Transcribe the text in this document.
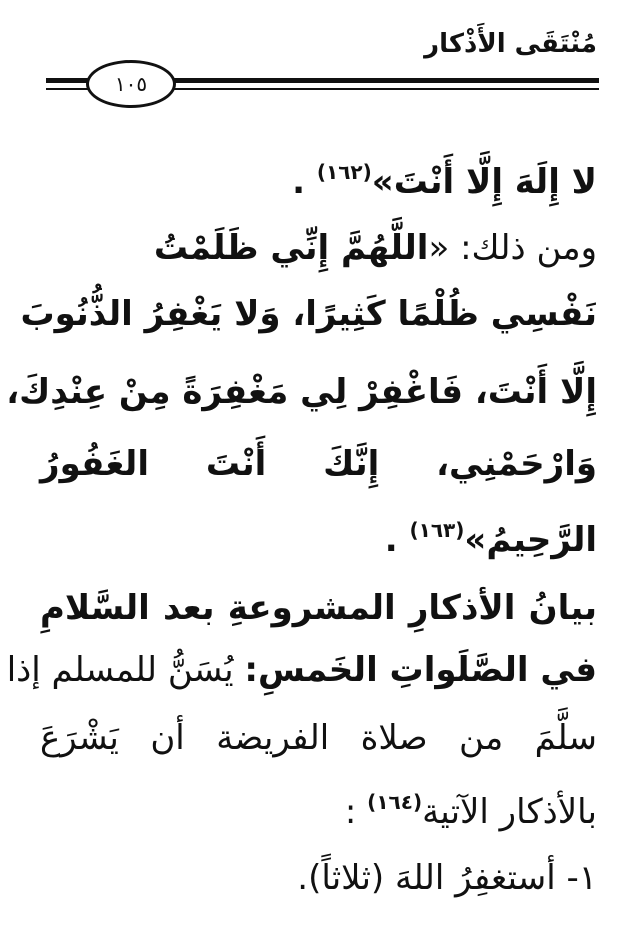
مُنْتَقَى الأَذْكار
١٠٥
لا إِلَهَ إِلَّا أَنْتَ»$^{(١٦٢)}$ .
ومن ذلك: «اللَّهُمَّ إِنِّي ظَلَمْتُ
نَفْسِي ظُلْمًا كَثِيرًا، وَلا يَغْفِرُ الذُّنُوبَ
إِلَّا أَنْتَ، فَاغْفِرْ لِي مَغْفِرَةً مِنْ عِنْدِكَ،
وَارْحَمْنِي، إِنَّكَ أَنْتَ الغَفُورُ
الرَّحِيمُ»$^{(١٦٣)}$ .
بيانُ الأذكارِ المشروعةِ بعد السَّلامِ
في الصَّلَواتِ الخَمسِ: يُسَنُّ للمسلم إذا
سلَّمَ من صلاة الفريضة أن يَشْرَعَ
بالأذكار الآتية$^{(١٦٤)}$ :
١- أستغفِرُ اللهَ (ثلاثاً).
